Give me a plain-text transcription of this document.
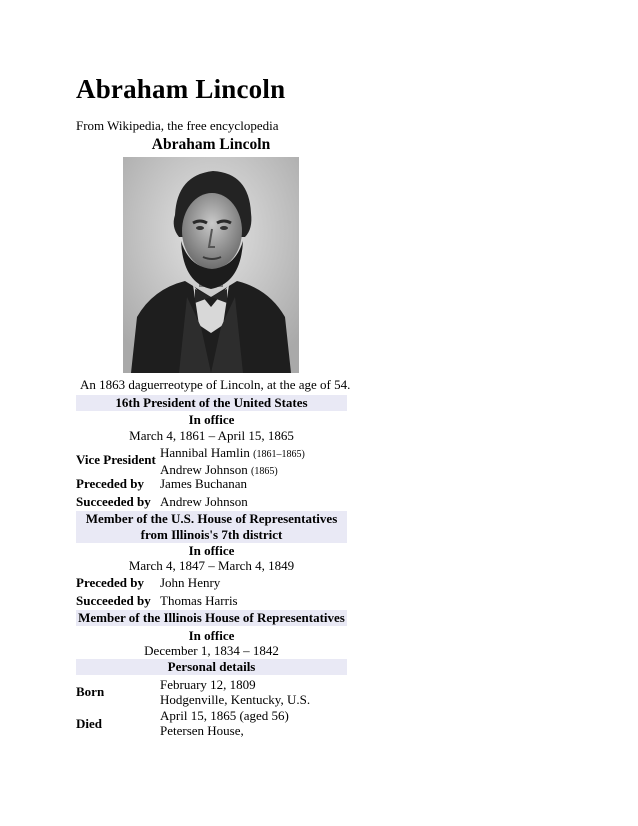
Abraham Lincoln
From Wikipedia, the free encyclopedia
Abraham Lincoln
An 1863 daguerreotype of Lincoln, at the age of 54.
16th President of the United States
In office
March 4, 1861 – April 15, 1865
Vice President Hannibal Hamlin (1861–1865)
Andrew Johnson (1865)
Preceded by James Buchanan
Succeeded by Andrew Johnson
Member of the U.S. House of Representatives
from Illinois's 7th district
In office
March 4, 1847 – March 4, 1849
Preceded by John Henry
Succeeded by Thomas Harris
Member of the Illinois House of Representatives
In office
December 1, 1834 – 1842
Personal details
Born	February 12, 1809
Hodgenville, Kentucky, U.S.
Died
April 15, 1865 (aged 56)
Petersen House,
